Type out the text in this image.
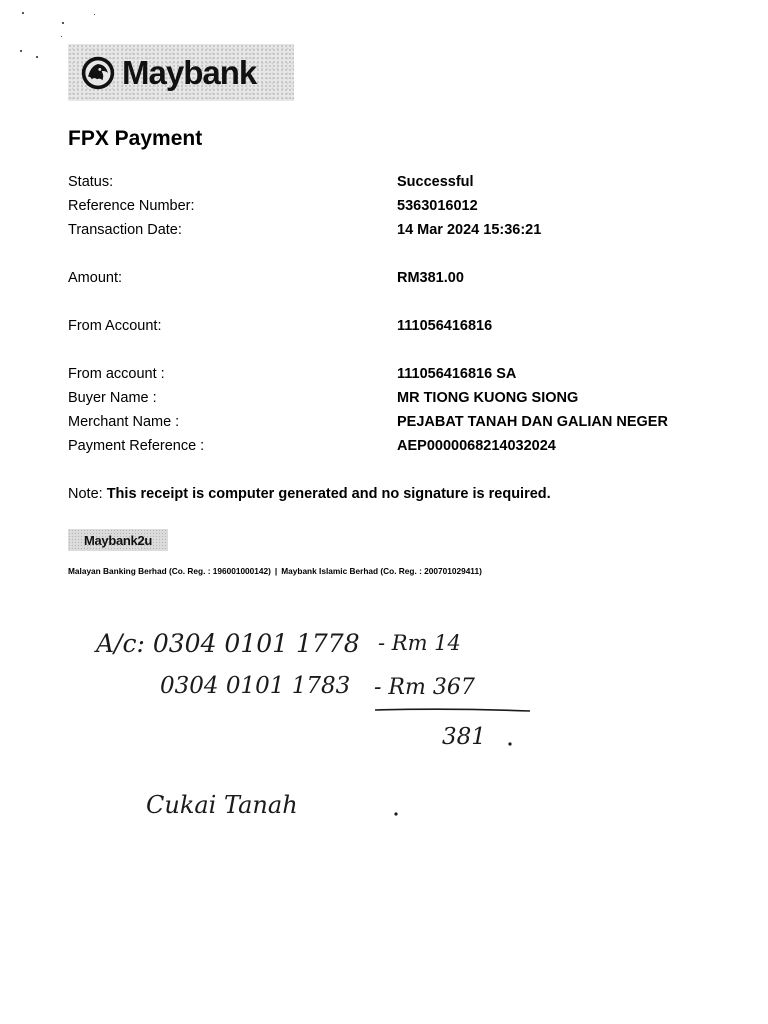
Maybank
FPX Payment
Status:	Successful
Reference Number:	5363016012
Transaction Date:	14 Mar 2024 15:36:21
Amount:	RM381.00
From Account:	111056416816
From account :	111056416816 SA
Buyer Name :	MR TIONG KUONG SIONG
Merchant Name :	PEJABAT TANAH DAN GALIAN NEGER
Payment Reference :	AEP0000068214032024
Note: This receipt is computer generated and no signature is required.
Maybank2u
Malayan Banking Berhad (Co. Reg. : 196001000142) | Maybank Islamic Berhad (Co. Reg. : 200701029411)
A/c: 0304 0101 1778 - Rm 14
0304 0101 1783 - Rm 367
381
Cukai Tanah
